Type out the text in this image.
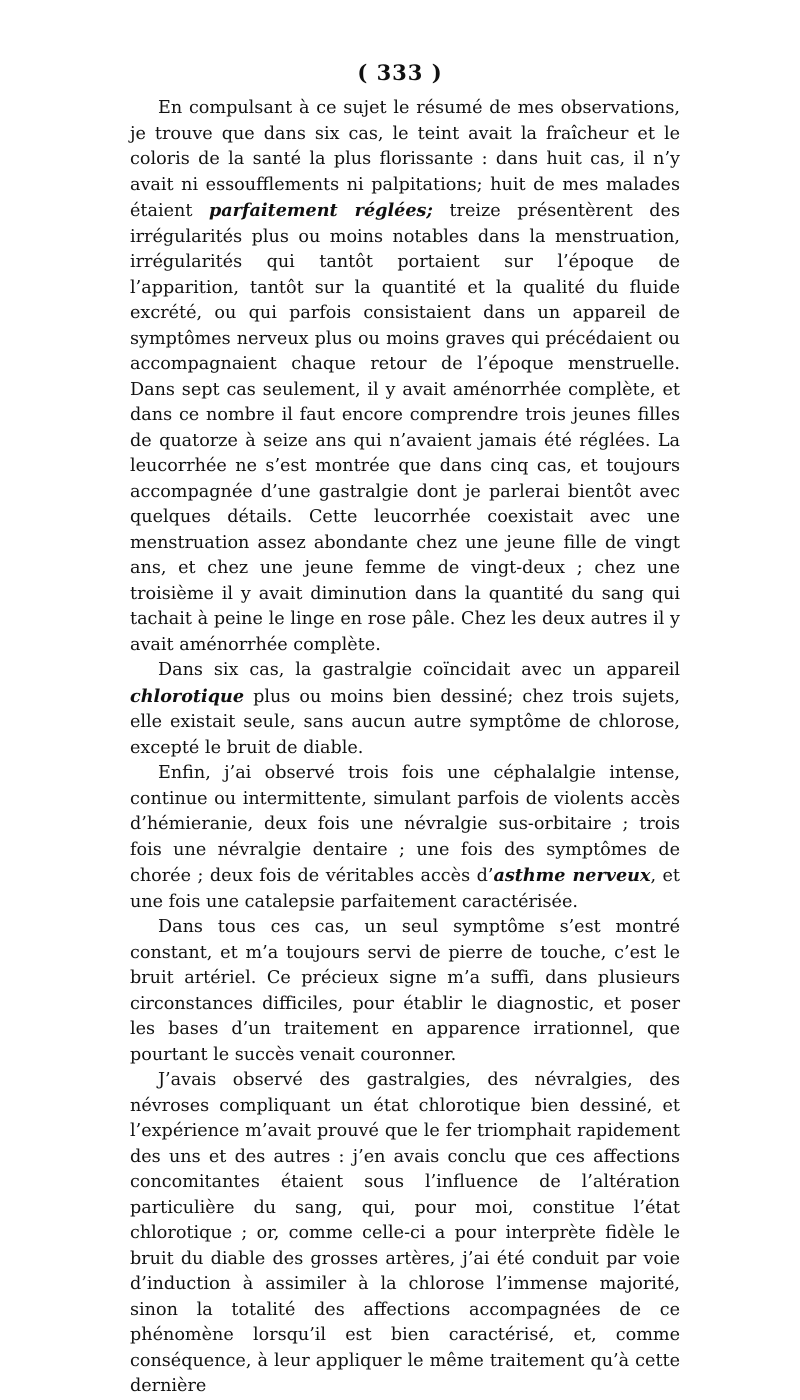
( 333 )

En compulsant à ce sujet le résumé de mes observations, je trouve que dans six cas, le teint avait la fraîcheur et le coloris de la santé la plus florissante : dans huit cas, il n’y avait ni essoufflements ni palpitations; huit de mes malades étaient parfaitement réglées; treize présentèrent des irrégularités plus ou moins notables dans la menstruation, irrégularités qui tantôt portaient sur l’époque de l’apparition, tantôt sur la quantité et la qualité du fluide excrété, ou qui parfois consistaient dans un appareil de symptômes nerveux plus ou moins graves qui précédaient ou accompagnaient chaque retour de l’époque menstruelle. Dans sept cas seulement, il y avait aménorrhée complète, et dans ce nombre il faut encore comprendre trois jeunes filles de quatorze à seize ans qui n’avaient jamais été réglées. La leucorrhée ne s’est montrée que dans cinq cas, et toujours accompagnée d’une gastralgie dont je parlerai bientôt avec quelques détails. Cette leucorrhée coexistait avec une menstruation assez abondante chez une jeune fille de vingt ans, et chez une jeune femme de vingt-deux ; chez une troisième il y avait diminution dans la quantité du sang qui tachait à peine le linge en rose pâle. Chez les deux autres il y avait aménorrhée complète.

Dans six cas, la gastralgie coïncidait avec un appareil chlorotique plus ou moins bien dessiné; chez trois sujets, elle existait seule, sans aucun autre symptôme de chlorose, excepté le bruit de diable.

Enfin, j’ai observé trois fois une céphalalgie intense, continue ou intermittente, simulant parfois de violents accès d’hémieranie, deux fois une névralgie sus-orbitaire ; trois fois une névralgie dentaire ; une fois des symptômes de chorée ; deux fois de véritables accès d’asthme nerveux, et une fois une catalepsie parfaitement caractérisée.

Dans tous ces cas, un seul symptôme s’est montré constant, et m’a toujours servi de pierre de touche, c’est le bruit artériel. Ce précieux signe m’a suffi, dans plusieurs circonstances difficiles, pour établir le diagnostic, et poser les bases d’un traitement en apparence irrationnel, que pourtant le succès venait couronner.

J’avais observé des gastralgies, des névralgies, des névroses compliquant un état chlorotique bien dessiné, et l’expérience m’avait prouvé que le fer triomphait rapidement des uns et des autres : j’en avais conclu que ces affections concomitantes étaient sous l’influence de l’altération particulière du sang, qui, pour moi, constitue l’état chlorotique ; or, comme celle-ci a pour interprète fidèle le bruit du diable des grosses artères, j’ai été conduit par voie d’induction à assimiler à la chlorose l’immense majorité, sinon la totalité des affections accompagnées de ce phénomène lorsqu’il est bien caractérisé, et, comme conséquence, à leur appliquer le même traitement qu’à cette dernière
